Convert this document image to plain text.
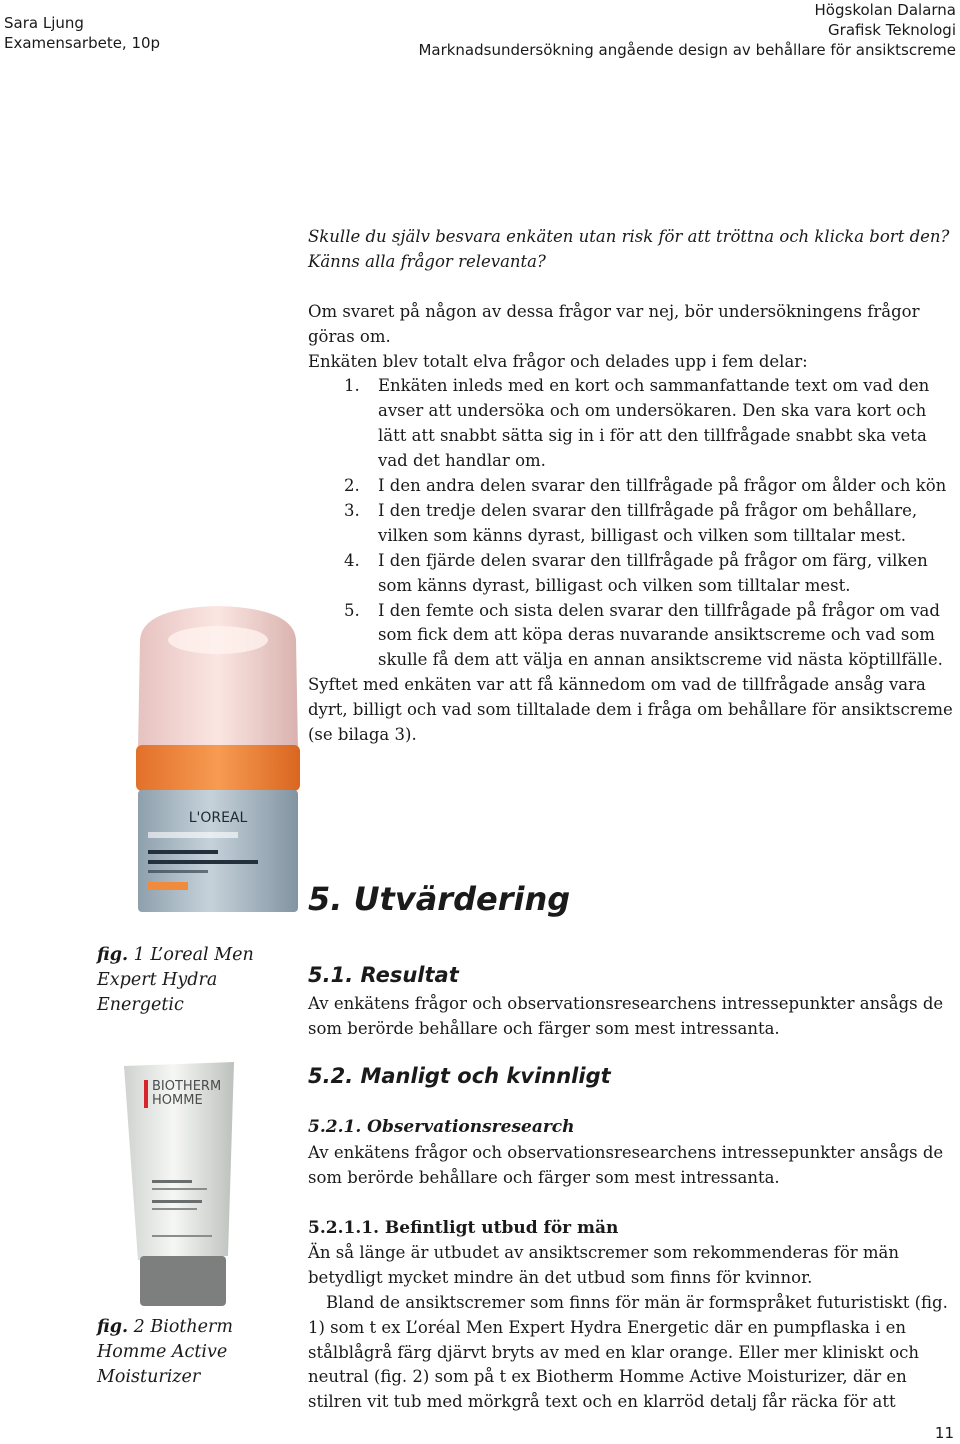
Sara Ljung
Examensarbete, 10p
Högskolan Dalarna
Grafisk Teknologi
Marknadsundersökning angående design av behållare för ansiktscreme

Skulle du själv besvara enkäten utan risk för att tröttna och klicka bort den?

Känns alla frågor relevanta?

Om svaret på någon av dessa frågor var nej, bör undersökningens frågor göras om.

Enkäten blev totalt elva frågor och delades upp i fem delar:

1. Enkäten inleds med en kort och sammanfattande text om vad den avser att undersöka och om undersökaren. Den ska vara kort och lätt att snabbt sätta sig in i för att den tillfrågade snabbt ska veta vad det handlar om.
2. I den andra delen svarar den tillfrågade på frågor om ålder och kön
3. I den tredje delen svarar den tillfrågade på frågor om behållare, vilken som känns dyrast, billigast och vilken som tilltalar mest.
4. I den fjärde delen svarar den tillfrågade på frågor om färg, vilken som känns dyrast, billigast och vilken som tilltalar mest.
5. I den femte och sista delen svarar den tillfrågade på frågor om vad som fick dem att köpa deras nuvarande ansiktscreme och vad som skulle få dem att välja en annan ansiktscreme vid nästa köptillfälle.

Syftet med enkäten var att få kännedom om vad de tillfrågade ansåg vara dyrt, billigt och vad som tilltalade dem i fråga om behållare för ansiktscreme (se bilaga 3).

L'OREAL
fig. 1 L’oreal Men Expert Hydra Energetic
BIOTHERM
HOMME
fig. 2 Biotherm Homme Active Moisturizer
5. Utvärdering
5.1. Resultat
Av enkätens frågor och observationsresearchens intressepunkter ansågs de som berörde behållare och färger som mest intressanta.
5.2. Manligt och kvinnligt
5.2.1. Observationsresearch
Av enkätens frågor och observationsresearchens intressepunkter ansågs de som berörde behållare och färger som mest intressanta.
5.2.1.1. Befintligt utbud för män

Än så länge är utbudet av ansiktscremer som rekommenderas för män betydligt mycket mindre än det utbud som finns för kvinnor.

Bland de ansiktscremer som finns för män är formspråket futuristiskt (fig. 1) som t ex L’oréal Men Expert Hydra Energetic där en pumpflaska i en stålblågrå färg djärvt bryts av med en klar orange. Eller mer kliniskt och neutral (fig. 2) som på t ex Biotherm Homme Active Moisturizer, där en stilren vit tub med mörkgrå text och en klarröd detalj får räcka för att

11
